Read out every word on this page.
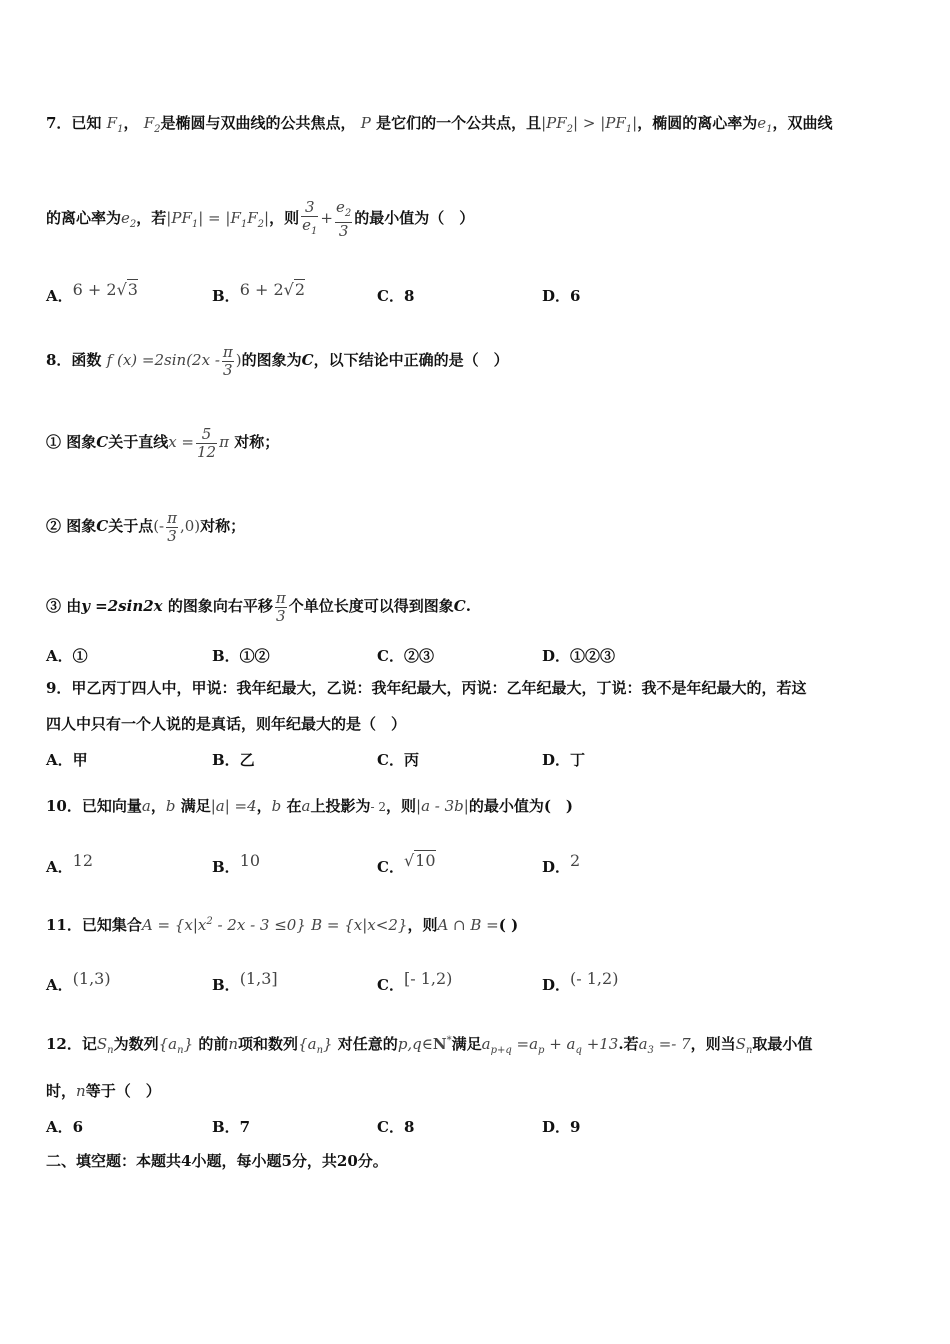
7．已知 $F_1$， $F_2$是椭圆与双曲线的公共焦点， P 是它们的一个公共点，且$|PF_2| > |PF_1|$，椭圆的离心率为$e_1$，双曲线
的离心率为$e_2$，若$|PF_1| = |F_1F_2|$，则 $\frac{3}{e_1} + \frac{e_2}{3}$ 的最小值为（　）
A．6 + 2√3	B．6 + 2√2	C．8	D．6
8．函数 f $(x) =2\sin(2x - \frac{\pi}{3}$ )的图象为C，以下结论中正确的是（　）
① 图象C关于直线$x = \frac{5}{12}$ π 对称；
② 图象C关于点(- $\frac{\pi}{3} ,0$)对称；
③ 由y =2sin2x 的图象向右平移 $\frac{\pi}{3}$ 个单位长度可以得到图象C.
A．①	B．①②	C．②③	D．①②③
9．甲乙丙丁四人中，甲说：我年纪最大，乙说：我年纪最大，丙说：乙年纪最大，丁说：我不是年纪最大的，若这
四人中只有一个人说的是真话，则年纪最大的是（　）
A．甲	B．乙	C．丙	D．丁
10．已知向量a，b 满足|a| =4，b 在a上投影为- 2，则|a - 3b|的最小值为(　)
A．12	B．10	C．√10	D．2
11．已知集合$A = \{x|x^2 - 2x - 3 \le 0\} B = \{x|x<2\}$，则A ∩ B =( )
A．(1,3)	B．(1,3]	C．[- 1,2)	D．(- 1,2)
12．记$S_n$为数列$\{a_n\}$ 的前n项和数列$\{a_n\}$ 对任意的p,q∈N*满足$a_{p+q} =a_p + a_q +13$.若$a_3 =- 7$，则当$S_n$取最小值
时，n等于（　）
A．6	B．7	C．8	D．9
二、填空题：本题共4小题，每小题5分，共20分。
